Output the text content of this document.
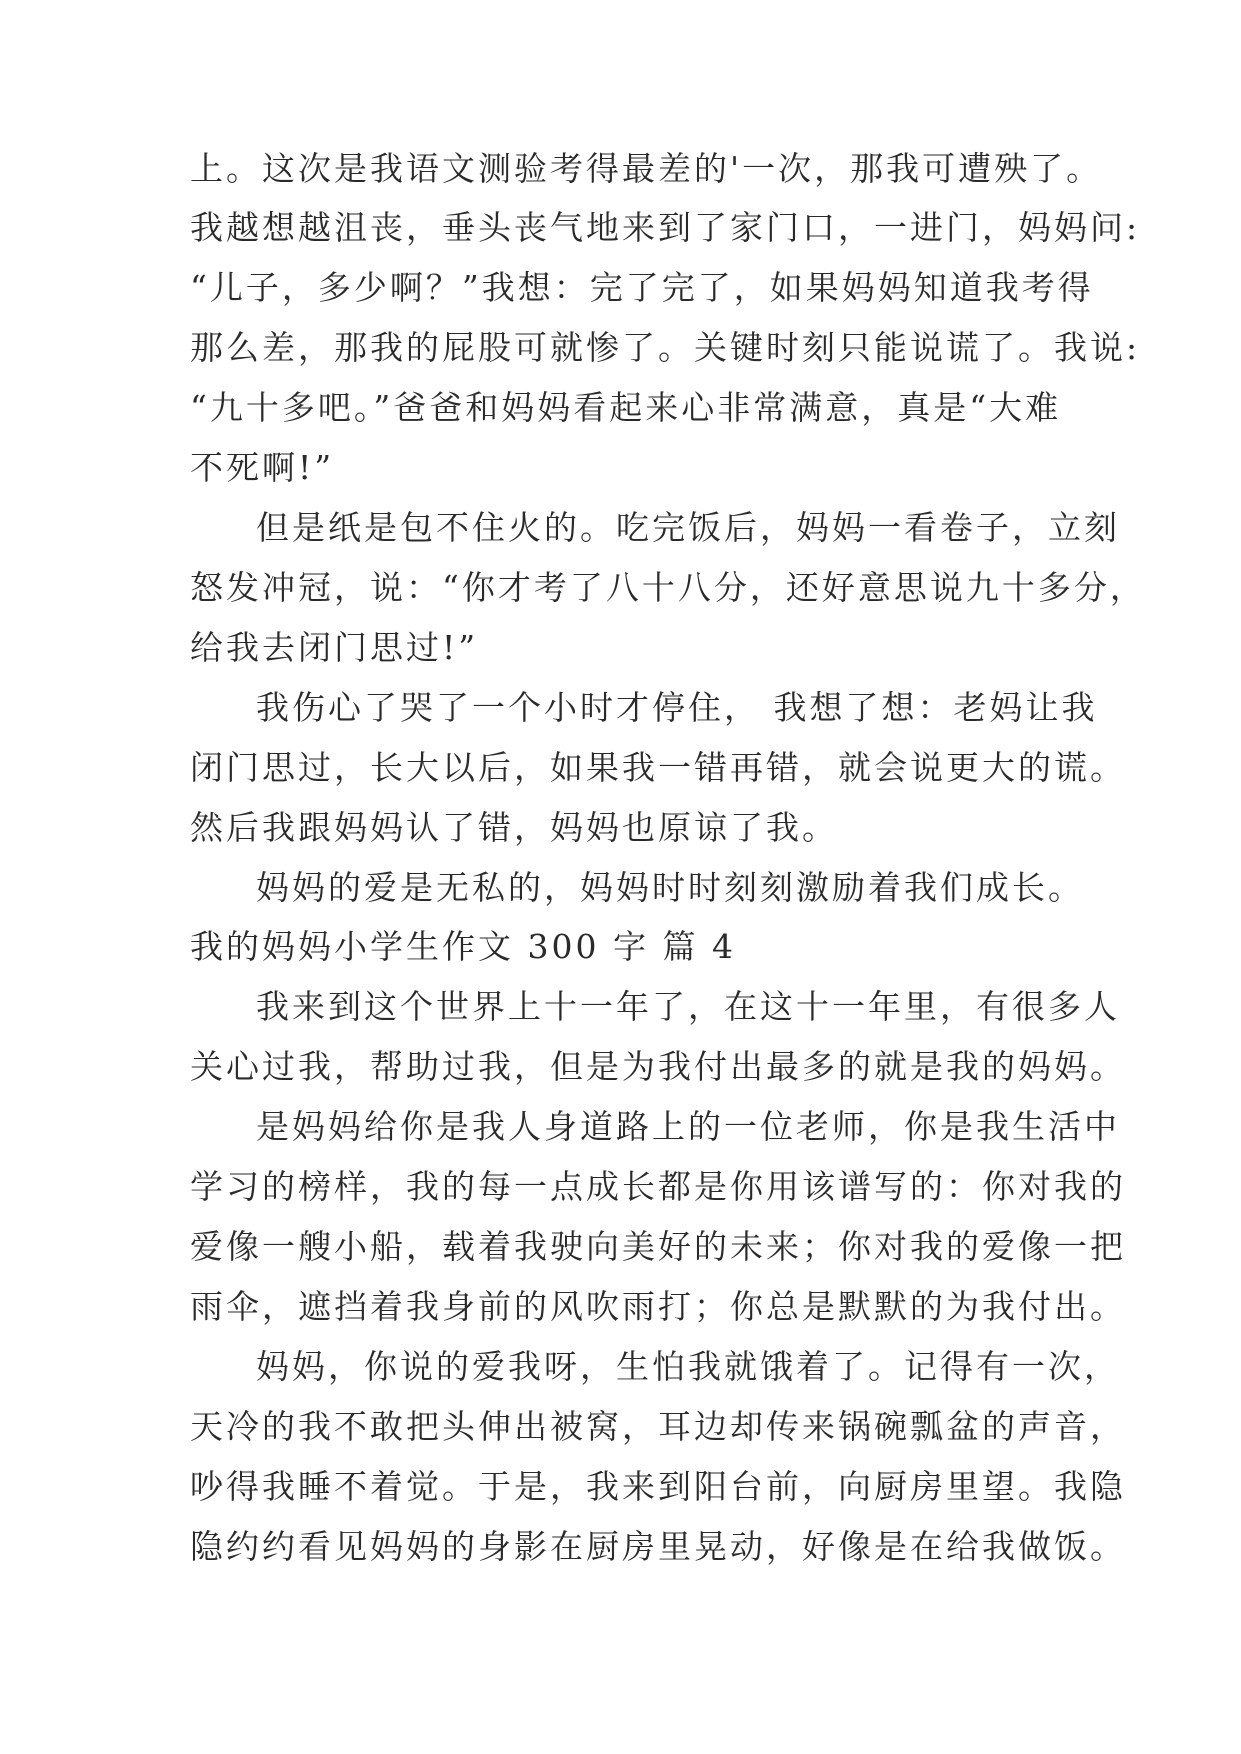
上。这次是我语文测验考得最差的'一次，那我可遭殃了。
我越想越沮丧，垂头丧气地来到了家门口，一进门，妈妈问:
“儿子，多少啊？”我想：完了完了，如果妈妈知道我考得
那么差，那我的屁股可就惨了。关键时刻只能说谎了。我说:
“九十多吧。”爸爸和妈妈看起来心非常满意，真是“大难
不死啊!”
但是纸是包不住火的。吃完饭后，妈妈一看卷子，立刻
怒发冲冠，说：“你才考了八十八分，还好意思说九十多分，
给我去闭门思过!”
我伤心了哭了一个小时才停住， 我想了想：老妈让我
闭门思过，长大以后，如果我一错再错，就会说更大的谎。
然后我跟妈妈认了错，妈妈也原谅了我。
妈妈的爱是无私的，妈妈时时刻刻激励着我们成长。
我的妈妈小学生作文 300 字 篇 4
我来到这个世界上十一年了，在这十一年里，有很多人
关心过我，帮助过我，但是为我付出最多的就是我的妈妈。
是妈妈给你是我人身道路上的一位老师，你是我生活中
学习的榜样，我的每一点成长都是你用该谱写的：你对我的
爱像一艘小船，载着我驶向美好的未来；你对我的爱像一把
雨伞，遮挡着我身前的风吹雨打；你总是默默的为我付出。
妈妈，你说的爱我呀，生怕我就饿着了。记得有一次，
天冷的我不敢把头伸出被窝，耳边却传来锅碗瓢盆的声音，
吵得我睡不着觉。于是，我来到阳台前，向厨房里望。我隐
隐约约看见妈妈的身影在厨房里晃动，好像是在给我做饭。
